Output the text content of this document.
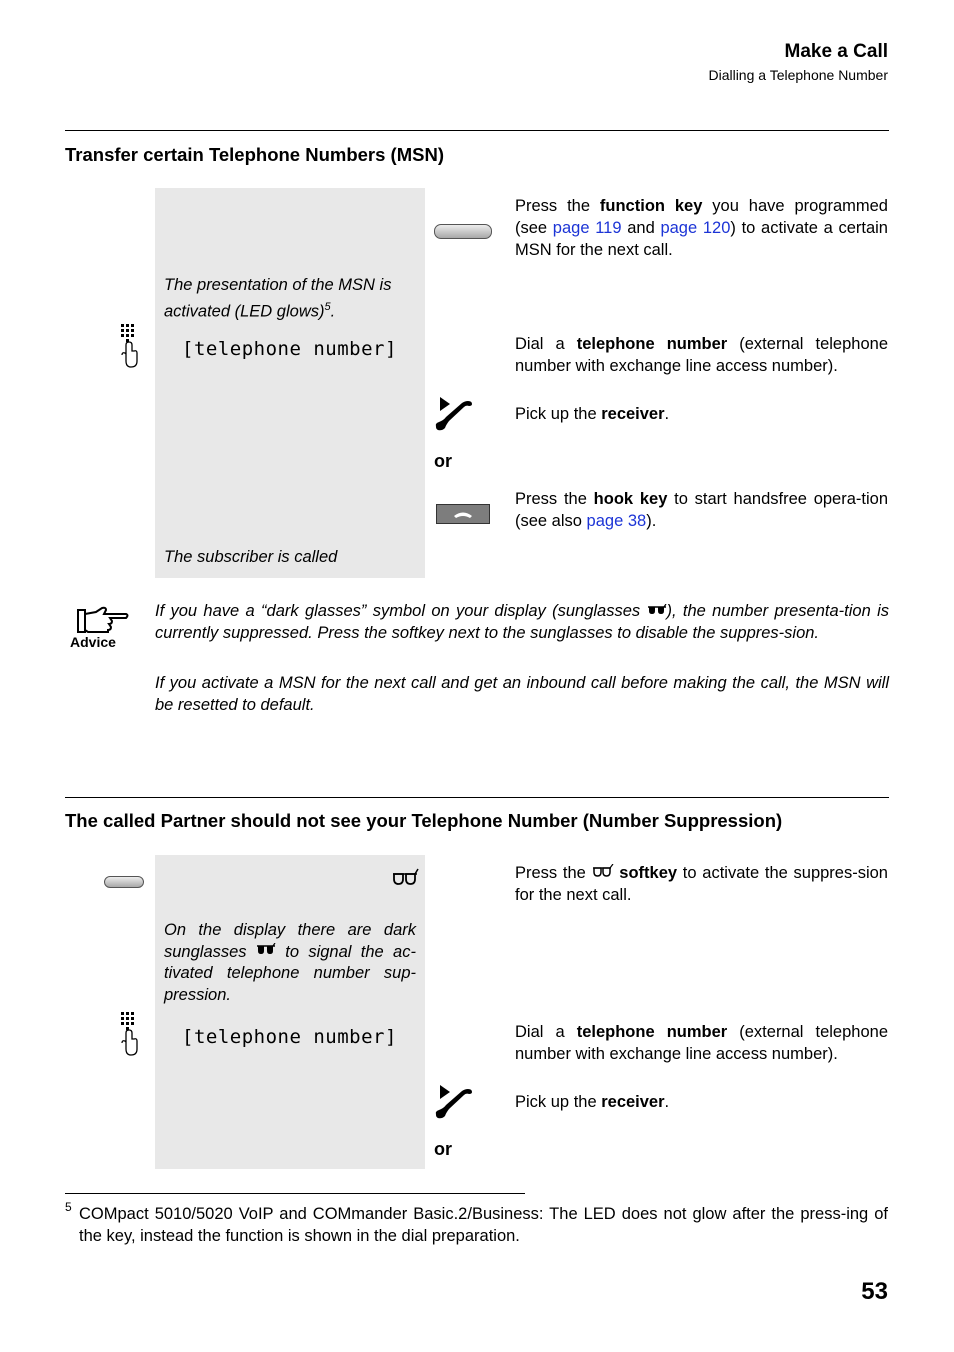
Make a Call
Dialling a Telephone Number
Transfer certain Telephone Numbers (MSN)
The presentation of the MSN is activated (LED glows)$^5$.
[telephone number]
The subscriber is called
Press the function key you have programmed (see page 119 and page 120) to activate a certain MSN for the next call.
Dial a telephone number (external telephone number with exchange line access number).
Pick up the receiver.
or
Press the hook key to start handsfree opera-tion (see also page 38).
Advice
If you have a “dark glasses” symbol on your display (sunglasses ), the number presenta-tion is currently suppressed. Press the softkey next to the sunglasses to disable the suppres-sion.
If you activate a MSN for the next call and get an inbound call before making the call, the MSN will be resetted to default.
The called Partner should not see your Telephone Number (Number Suppression)
On the display there are dark sunglasses  to signal the ac-tivated telephone number sup-pression.
[telephone number]
Press the  softkey to activate the suppres-sion for the next call.
Dial a telephone number (external telephone number with exchange line access number).
Pick up the receiver.
or
5 COMpact 5010/5020 VoIP and COMmander Basic.2/Business: The LED does not glow after the press-ing of the key, instead the function is shown in the dial preparation.
53
